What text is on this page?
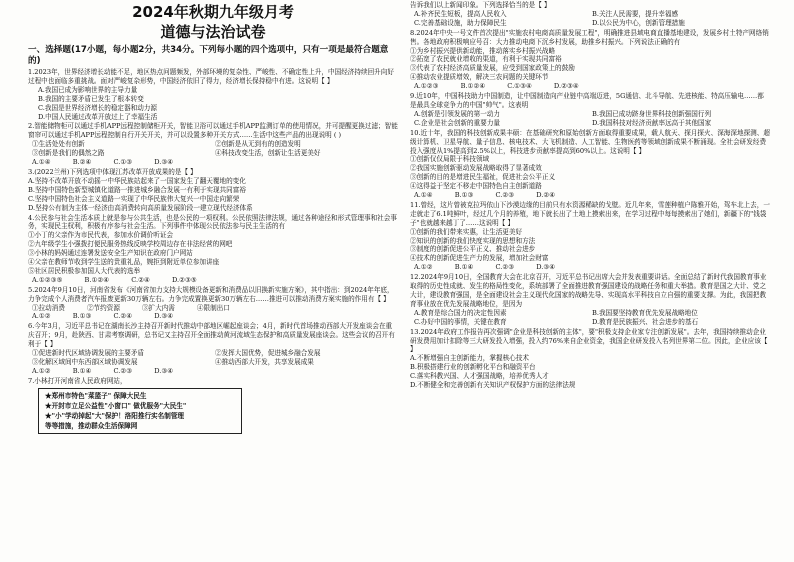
2024年秋期九年级月考
道德与法治试卷
一、选择题(17小题，每小题2分，共34分。下列每小题的四个选项中，只有一项是最符合题意的)
1.2023年，世界经济增长动能不足，地区热点问题频发，外部环境的复杂性、严峻性、不确定性上升，中国经济持续回升向好过程中也面临多重挑战。面对严峻复杂形势，中国经济依旧了得力，经济增长保持稳中有进。这说明【 】
A.我国已成为影响世界的主导力量
B.我国的主要矛盾已发生了根本转变
C.我国是世界经济增长的稳定器和动力源
D.中国人民通过改革开放过上了幸福生活
2.智能储物柜可以通过手机APP远程控制储柜开关，智能卫浴可以通过手机APP监测订单的使用情况，并可提醒更换过滤；智能窗帘可以通过手机APP远程控制自行开关开关，并可以设置多种开关方式……生活中这些产品的出现说明 ( )
①生活处处有创新	②创新是从无到有的创造发明
③创新是我们的偶然之路	④科技改变生活，创新让生活更美好
A.①④	B.②④	C.①③	D.③④
3.(2022兰州)下列选项中体现江苏改革开放成果的是【 】
A.坚持不改革开放不动摇一中华民族站起来了一国家发生了翻天覆地的变化
B.坚持中国特色新型城镇化道路一推进城乡融合发展一有利于实现共同富裕
C.坚持中国特色社会主义道路一实现了中华民族伟大复兴一中国走向繁荣
D.坚持公有制为主体一经济由高消费转向高质量发展阶段一建立现代经济体系
4.公民参与社会生活本质上就是参与公共生活，也是公民的一项权利。公民依照法律法规，通过各种途径和形式管理事和社会事务，实现民主权利，积极有序参与社会生活。下列事件中体现公民依法参与民主生活的有
①小丁的父亲作为市民代表，参加水价调价听证会
②九年级学生小强拨打便民服务热线反映学校周边存在非法经营的网吧
③小林的妈妈通过连署发送安全生产知识在政府门户网站
④父亲在教师节收到学生送的贵重礼品，婉拒到附近单位参加讲座
⑤社区居民积极参加国人大代表的选举
A.①②③⑤	B.①②④	C.②④	D.②③⑤
5.2024年9月10日，河南省发布《河南省加力支持大规模设备更新和消费品以旧换新实施方案》，其中指出：到2024年年底，力争完成个人消费者汽车报废更新30万辆左右。力争完成置换更新30万辆左右……推进可以推动消费方案实施的作用有【 】
①拉动消费	②节约资源	③扩大内需	④限制出口
A.①②	B.①③	C.②④	D.③④
6.今年3月，习近平总书记在湖南长沙主持召开新时代推动中部地区崛起座谈会；4月，新时代首场推动西部大开发座谈会在重庆召开；9月，赴陕西、甘肃考察调研，总书记又主持召开全面推动黄河流域生态保护和高质量发展座谈会。这些会议的召开有利于【 】
①促进新时代区域协调发展的主要矛盾	②发挥大国优势，促进城乡融合发展
③化解区域间中东西部区域协调发展	④推动西部大开发，共享发展成果
A.①②	B.①④	C.②③	D.③④
7.小林打开河南省人民政府网站，
★郑州市特色"菜篮子" 保障大民生
★开封市立足公益性"小窗口" 做优服务"大民生"
★"小"学动掉起"大"保护！洛阳推行实名制管理
等等措施，推动群众生活保障网
告诉我们以上新闻印象。下列选择恰当的是【 】
A.补齐民生短板，提高人民收入	B.关注人民需要，提升幸福感
C.完善基础设施，助力保障民生	D.以公民为中心，创新管理措施
8.2024年中央一号文件首次提出"实施农村电商高质量发展工程"，明确推进县域电商直播基地建设，发展乡村土特产网络销售。各地政府积极响应号召：大力推动电商下沉乡村发展，助推乡村振兴。下列说法正确的有
①为乡村振兴提供新动能，推动落实乡村振兴战略
②拓宽了农民就业增收的渠道，有利于实现共同富裕
③代表了农村经济高质量发展，应受到国家政策上的鼓励
④推动农业提质增效，解决三农问题的关键环节
A.①②③	B.①②④	C.①③④	D.②③④
9.近10年，中国科技助力中国制造，让中国制造向产业链中高端迈进，5G通信、北斗导航、先进核能、特高压输电……都是最具全球竞争力的中国"帅气"。这表明
A.创新是引领发展的第一动力	B.我国已成功跻身世界科技创新强国行列
C.企业是社会创新的重要力量	D.我国科技对经济贡献率远高于其他国家
10.近十年，我国的科技创新成果丰硕：在基础研究和原始创新方面取得重要成果，载人航天、探月探火、深海深地探测、超级计算机、卫星导航、量子信息、核电技术、大飞机制造、人工智能、生物医药等领域创新成果不断涌现。全社会研发经费投入强度从1%提高到2.5%以上，科技进步贡献率提高到60%以上。这说明【 】
①创新仅仅局限于科技领域
②我国实施创新驱动发展战略取得了显著成效
③创新的目的是增进民生福祉，促进社会公平正义
④这得益于坚定不移走中国特色自主创新道路
A.①④	B.①③	C.②③	D.②④
11.曾经，这片曾被克拉玛依山下沙漠边缘的目前只有水资源稀缺的戈壁。近几年来，雪莲种植户陈雅开始，驾车北上去，一走就走了6.1吨鲜叶，经过几个月的养殖，地下就长出了土地上摸索出来，在学习过程中每每摸索出了她们，新疆下的"钱袋子"也就越来越丁了……这说明【 】
①创新的我们带来实惠，让生活更美好
②知识的创新的我们快度实现的思想和方法
③制度的创新促进公平正义、推动社会进步
④技术的创新促进生产力的发展，增加社会财富
A.①②	B.①④	C.②③	D.③④
12.2024年9月10日，全国教育大会在北京召开，习近平总书记出席大会并发表重要讲话。全面总结了新时代我国教育事业取得的历史性成就、发生的格局性变化，系统部署了全面推进教育强国建设的战略任务和重大举措。教育是国之大计、党之大计，建设教育强国，是全面建设社会主义现代化国家的战略先导、实现高水平科技自立自强的重要支撑。为此，我国把教育事业放在优先发展战略地位，是因为
A.教育是综合国力的决定性因素	B.我国要坚持教育优先发展战略地位
C.办好中国的事情，关键在教育	D.教育是民族振兴、社会进步的基石
13.2024年政府工作报告再次强调"企业是科技创新的主体"，要"积极支持企业家专注创新发展"。去年，我国持续推动企业研发费用加计扣除等三大研发投入增强，投入约76%来自企业资金，我国企业研发投入名列世界第二位。因此，企业应该【 】
A.不断增强自主创新能力，掌握核心技术
B.积极搭建行业的创新孵化平台和融资平台
C.落实科教兴国、人才强国战略，培养优秀人才
D.不断健全和完善创新有关知识产权保护方面的法律法规
